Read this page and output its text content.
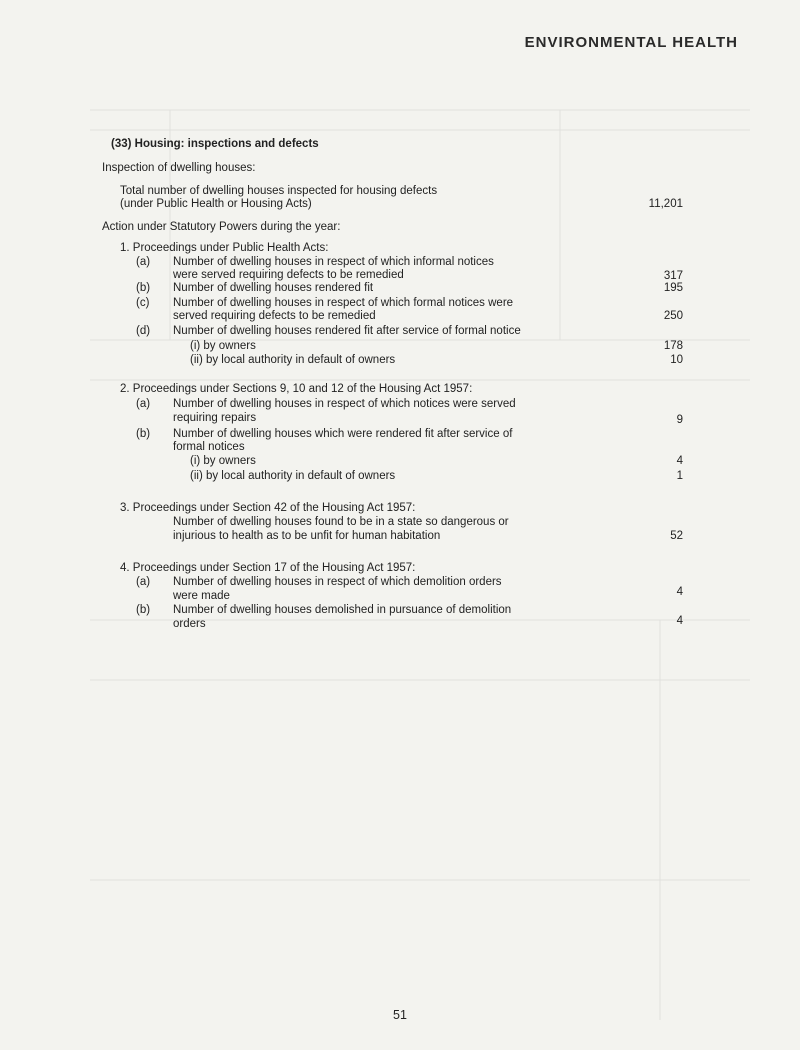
ENVIRONMENTAL HEALTH
(33) Housing: inspections and defects
Inspection of dwelling houses:
Total number of dwelling houses inspected for housing defects
(under Public Health or Housing Acts)	11,201
Action under Statutory Powers during the year:
1. Proceedings under Public Health Acts:
(a) Number of dwelling houses in respect of which informal notices
were served requiring defects to be remedied	317
(b) Number of dwelling houses rendered fit	195
(c) Number of dwelling houses in respect of which formal notices were
served requiring defects to be remedied	250
(d) Number of dwelling houses rendered fit after service of formal notice
(i) by owners	178
(ii) by local authority in default of owners	10
2. Proceedings under Sections 9, 10 and 12 of the Housing Act 1957:
(a) Number of dwelling houses in respect of which notices were served
requiring repairs	9
(b) Number of dwelling houses which were rendered fit after service of
formal notices
(i) by owners	4
(ii) by local authority in default of owners	1
3. Proceedings under Section 42 of the Housing Act 1957:
Number of dwelling houses found to be in a state so dangerous or
injurious to health as to be unfit for human habitation	52
4. Proceedings under Section 17 of the Housing Act 1957:
(a) Number of dwelling houses in respect of which demolition orders
were made	4
(b) Number of dwelling houses demolished in pursuance of demolition
orders	4
51
